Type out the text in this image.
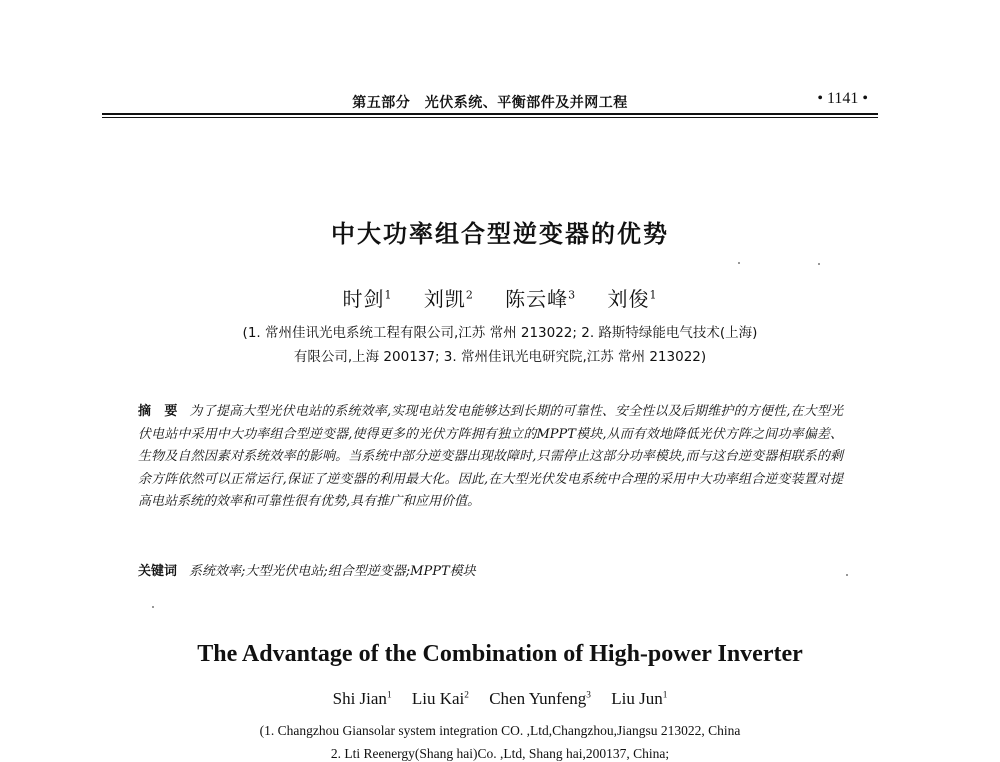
第五部分　光伏系统、平衡部件及并网工程	• 1141 •
中大功率组合型逆变器的优势
时剑$^1$ 刘凯$^2$ 陈云峰$^3$ 刘俊$^1$
(1. 常州佳讯光电系统工程有限公司,江苏 常州 213022; 2. 路斯特绿能电气技术(上海)
有限公司,上海 200137; 3. 常州佳讯光电研究院,江苏 常州 213022)
摘　要 为了提高大型光伏电站的系统效率,实现电站发电能够达到长期的可靠性、安全性以及后期维护的方便性,在大型光伏电站中采用中大功率组合型逆变器,使得更多的光伏方阵拥有独立的MPPT模块,从而有效地降低光伏方阵之间功率偏差、生物及自然因素对系统效率的影响。当系统中部分逆变器出现故障时,只需停止这部分功率模块,而与这台逆变器相联系的剩余方阵依然可以正常运行,保证了逆变器的利用最大化。因此,在大型光伏发电系统中合理的采用中大功率组合逆变装置对提高电站系统的效率和可靠性很有优势,具有推广和应用价值。
关键词 系统效率;大型光伏电站;组合型逆变器;MPPT模块
The Advantage of the Combination of High-power Inverter
Shi Jian$^1$ Liu Kai$^2$ Chen Yunfeng$^3$ Liu Jun$^1$
(1. Changzhou Giansolar system integration CO. ,Ltd,Changzhou,Jiangsu 213022, China
2. Lti Reenergy(Shang hai)Co. ,Ltd, Shang hai,200137, China;
